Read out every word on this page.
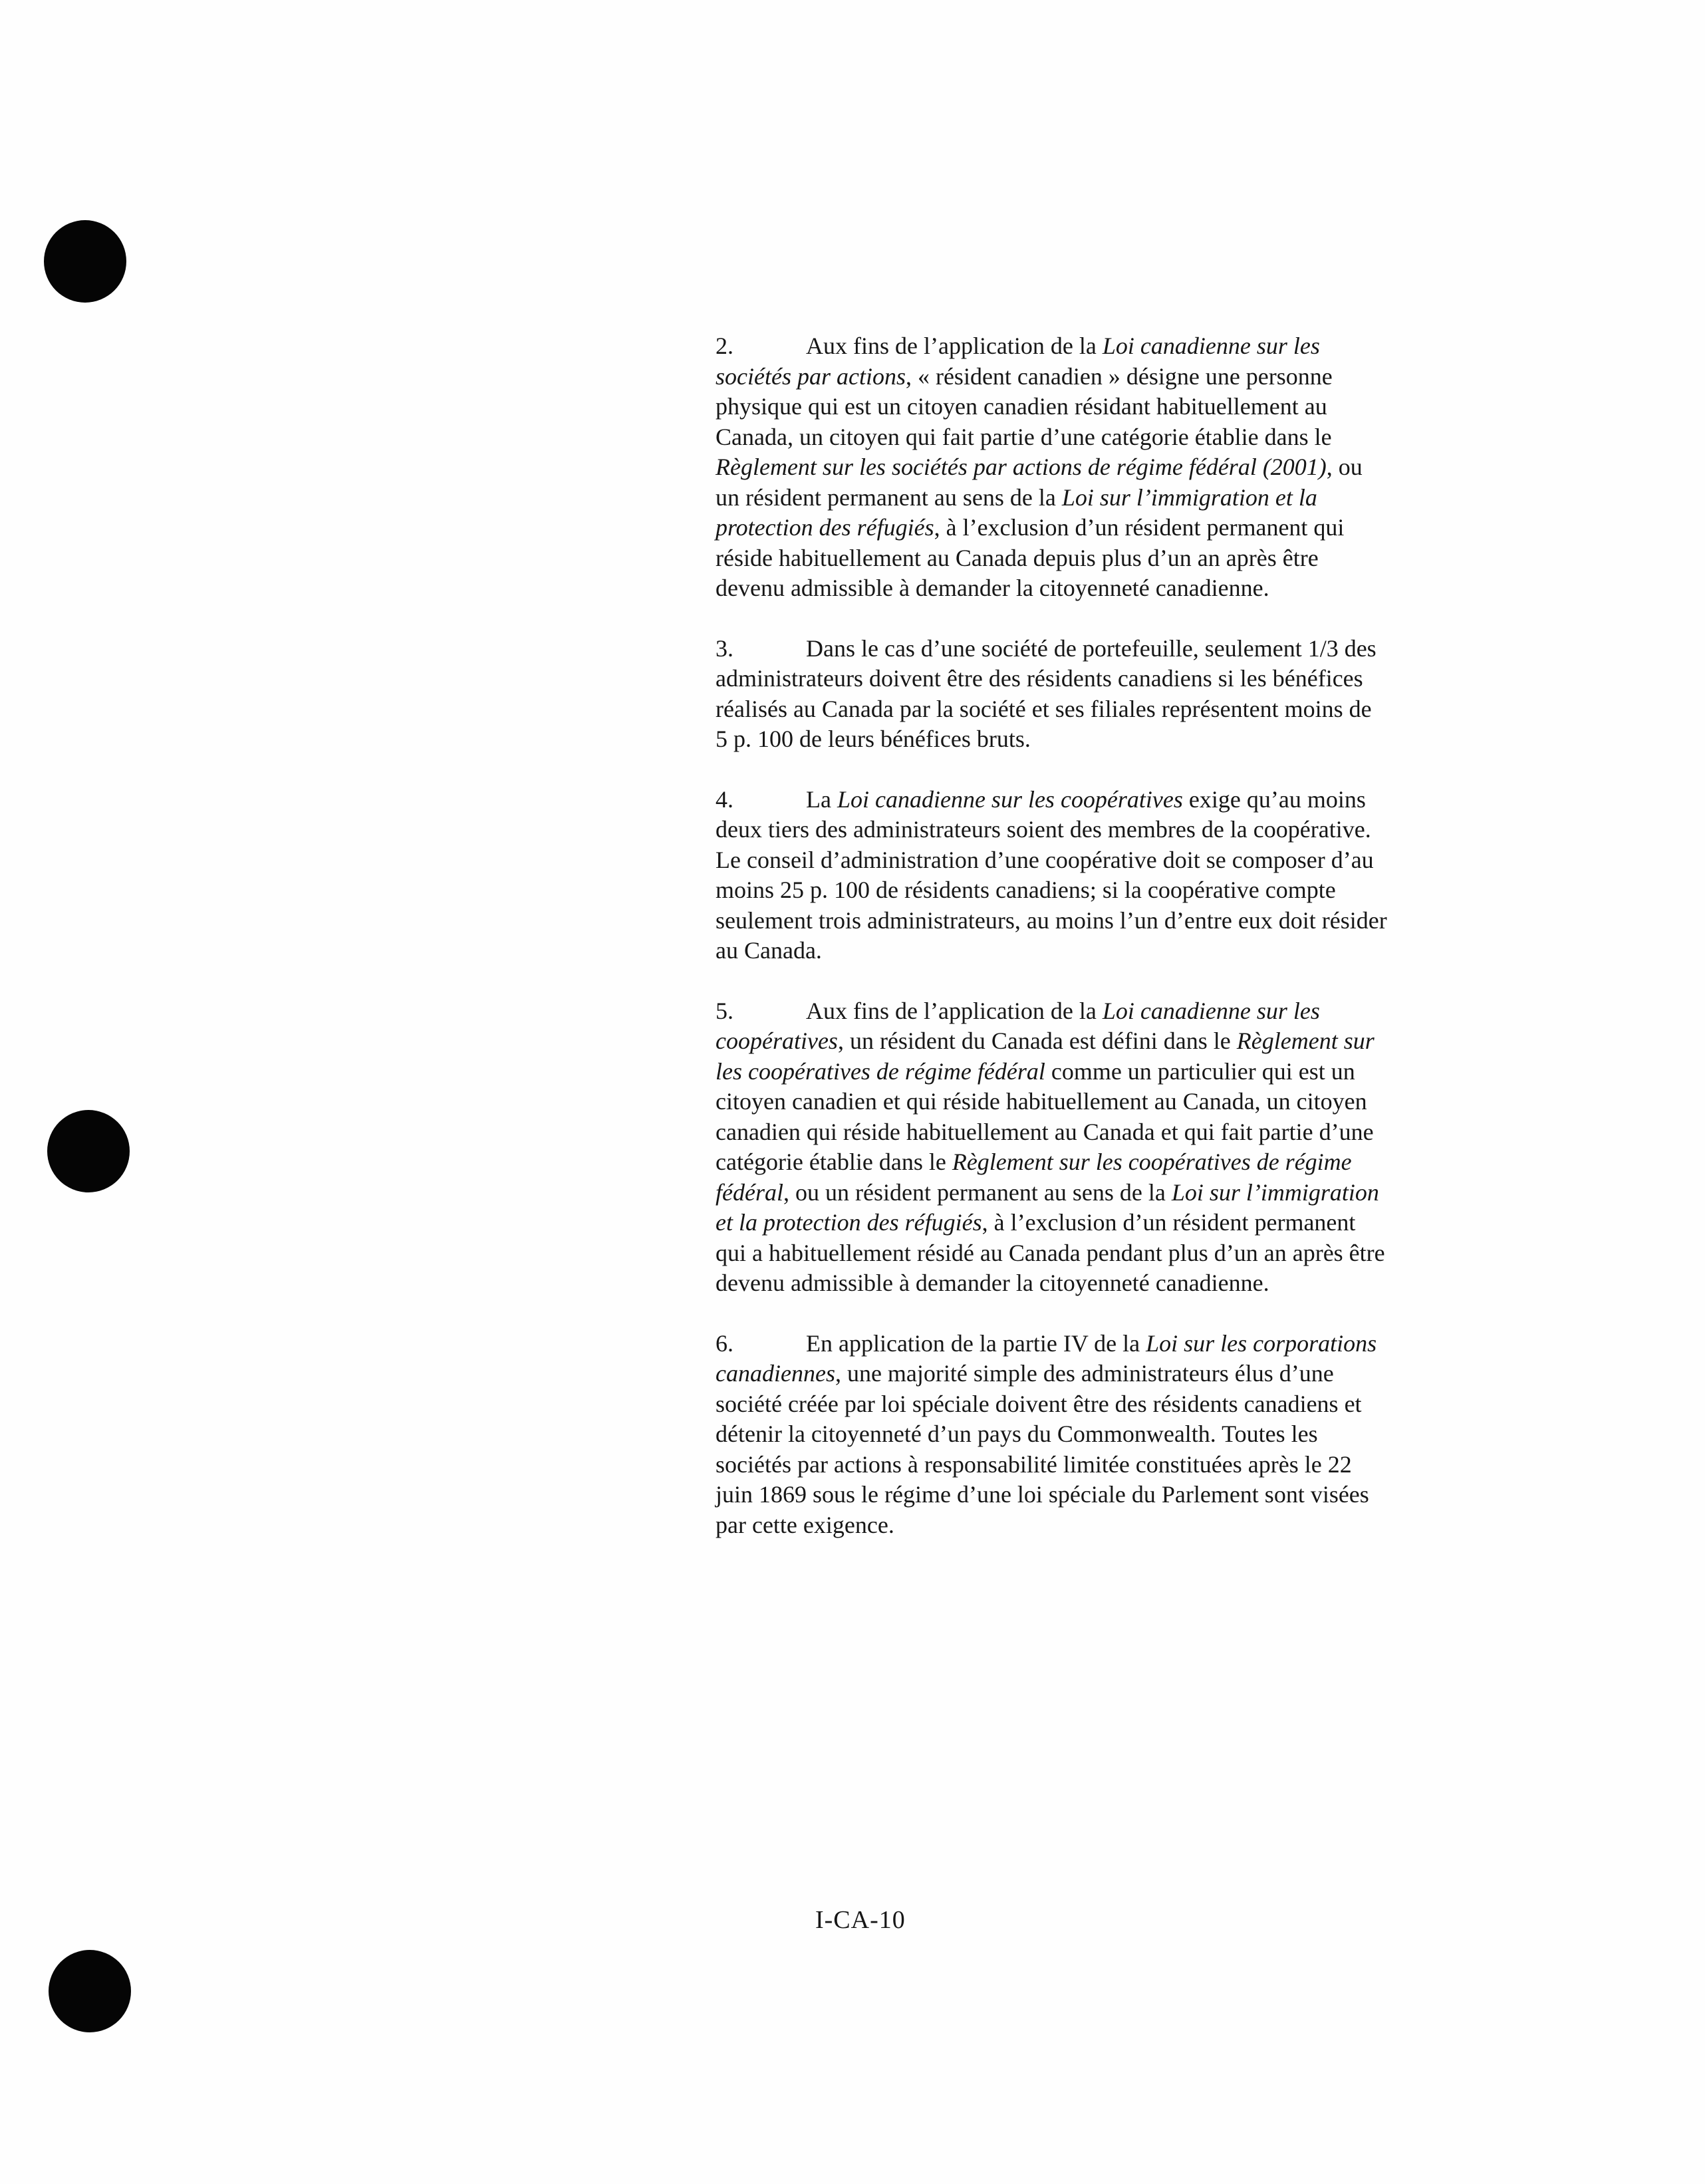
2.	Aux fins de l’application de la Loi canadienne sur les sociétés par actions, « résident canadien » désigne une personne physique qui est un citoyen canadien résidant habituellement au Canada, un citoyen qui fait partie d’une catégorie établie dans le Règlement sur les sociétés par actions de régime fédéral (2001), ou un résident permanent au sens de la Loi sur l’immigration et la protection des réfugiés, à l’exclusion d’un résident permanent qui réside habituellement au Canada depuis plus d’un an après être devenu admissible à demander la citoyenneté canadienne.

3.	Dans le cas d’une société de portefeuille, seulement 1/3 des administrateurs doivent être des résidents canadiens si les bénéfices réalisés au Canada par la société et ses filiales représentent moins de 5 p. 100 de leurs bénéfices bruts.

4.	La Loi canadienne sur les coopératives exige qu’au moins deux tiers des administrateurs soient des membres de la coopérative. Le conseil d’administration d’une coopérative doit se composer d’au moins 25 p. 100 de résidents canadiens; si la coopérative compte seulement trois administrateurs, au moins l’un d’entre eux doit résider au Canada.

5.	Aux fins de l’application de la Loi canadienne sur les coopératives, un résident du Canada est défini dans le Règlement sur les coopératives de régime fédéral comme un particulier qui est un citoyen canadien et qui réside habituellement au Canada, un citoyen canadien qui réside habituellement au Canada et qui fait partie d’une catégorie établie dans le Règlement sur les coopératives de régime fédéral, ou un résident permanent au sens de la Loi sur l’immigration et la protection des réfugiés, à l’exclusion d’un résident permanent qui a habituellement résidé au Canada pendant plus d’un an après être devenu admissible à demander la citoyenneté canadienne.

6.	En application de la partie IV de la Loi sur les corporations canadiennes, une majorité simple des administrateurs élus d’une société créée par loi spéciale doivent être des résidents canadiens et détenir la citoyenneté d’un pays du Commonwealth. Toutes les sociétés par actions à responsabilité limitée constituées après le 22 juin 1869 sous le régime d’une loi spéciale du Parlement sont visées par cette exigence.

I-CA-10
